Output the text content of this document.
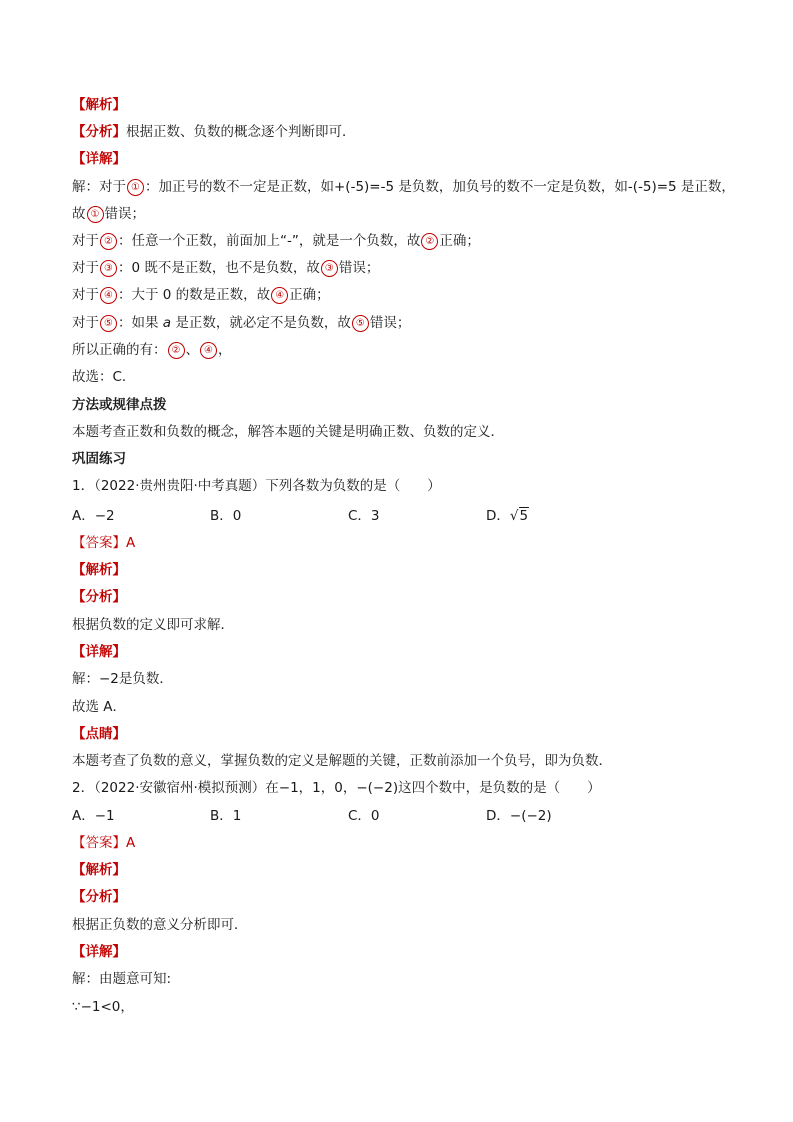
【解析】
【分析】根据正数、负数的概念逐个判断即可．
【详解】
解：对于 ① ：加正号的数不一定是正数，如+(-5)=-5 是负数，加负号的数不一定是负数，如-(-5)=5 是正数，
故 ① 错误；
对于 ② ：任意一个正数，前面加上“-”，就是一个负数，故 ② 正确；
对于 ③ ：0 既不是正数，也不是负数，故 ③ 错误；
对于 ④ ：大于 0 的数是正数，故 ④ 正确；
对于 ⑤ ：如果 a 是正数，就必定不是负数，故 ⑤ 错误；
所以正确的有： ② 、 ④ ，
故选：C．
方法或规律点拨
本题考查正数和负数的概念，解答本题的关键是明确正数、负数的定义．
巩固练习
1．（2022·贵州贵阳·中考真题）下列各数为负数的是（　　）
A．−2	B．0	C．3	D．√5
【答案】A
【解析】
【分析】
根据负数的定义即可求解．
【详解】
解：−2是负数．
故选 A．
【点睛】
本题考查了负数的意义，掌握负数的定义是解题的关键，正数前添加一个负号，即为负数．
2．（2022·安徽宿州·模拟预测）在−1，1，0，−(−2)这四个数中，是负数的是（　　）
A．−1	B．1	C．0	D．−(−2)
【答案】A
【解析】
【分析】
根据正负数的意义分析即可．
【详解】
解：由题意可知:
∵−1<0，
